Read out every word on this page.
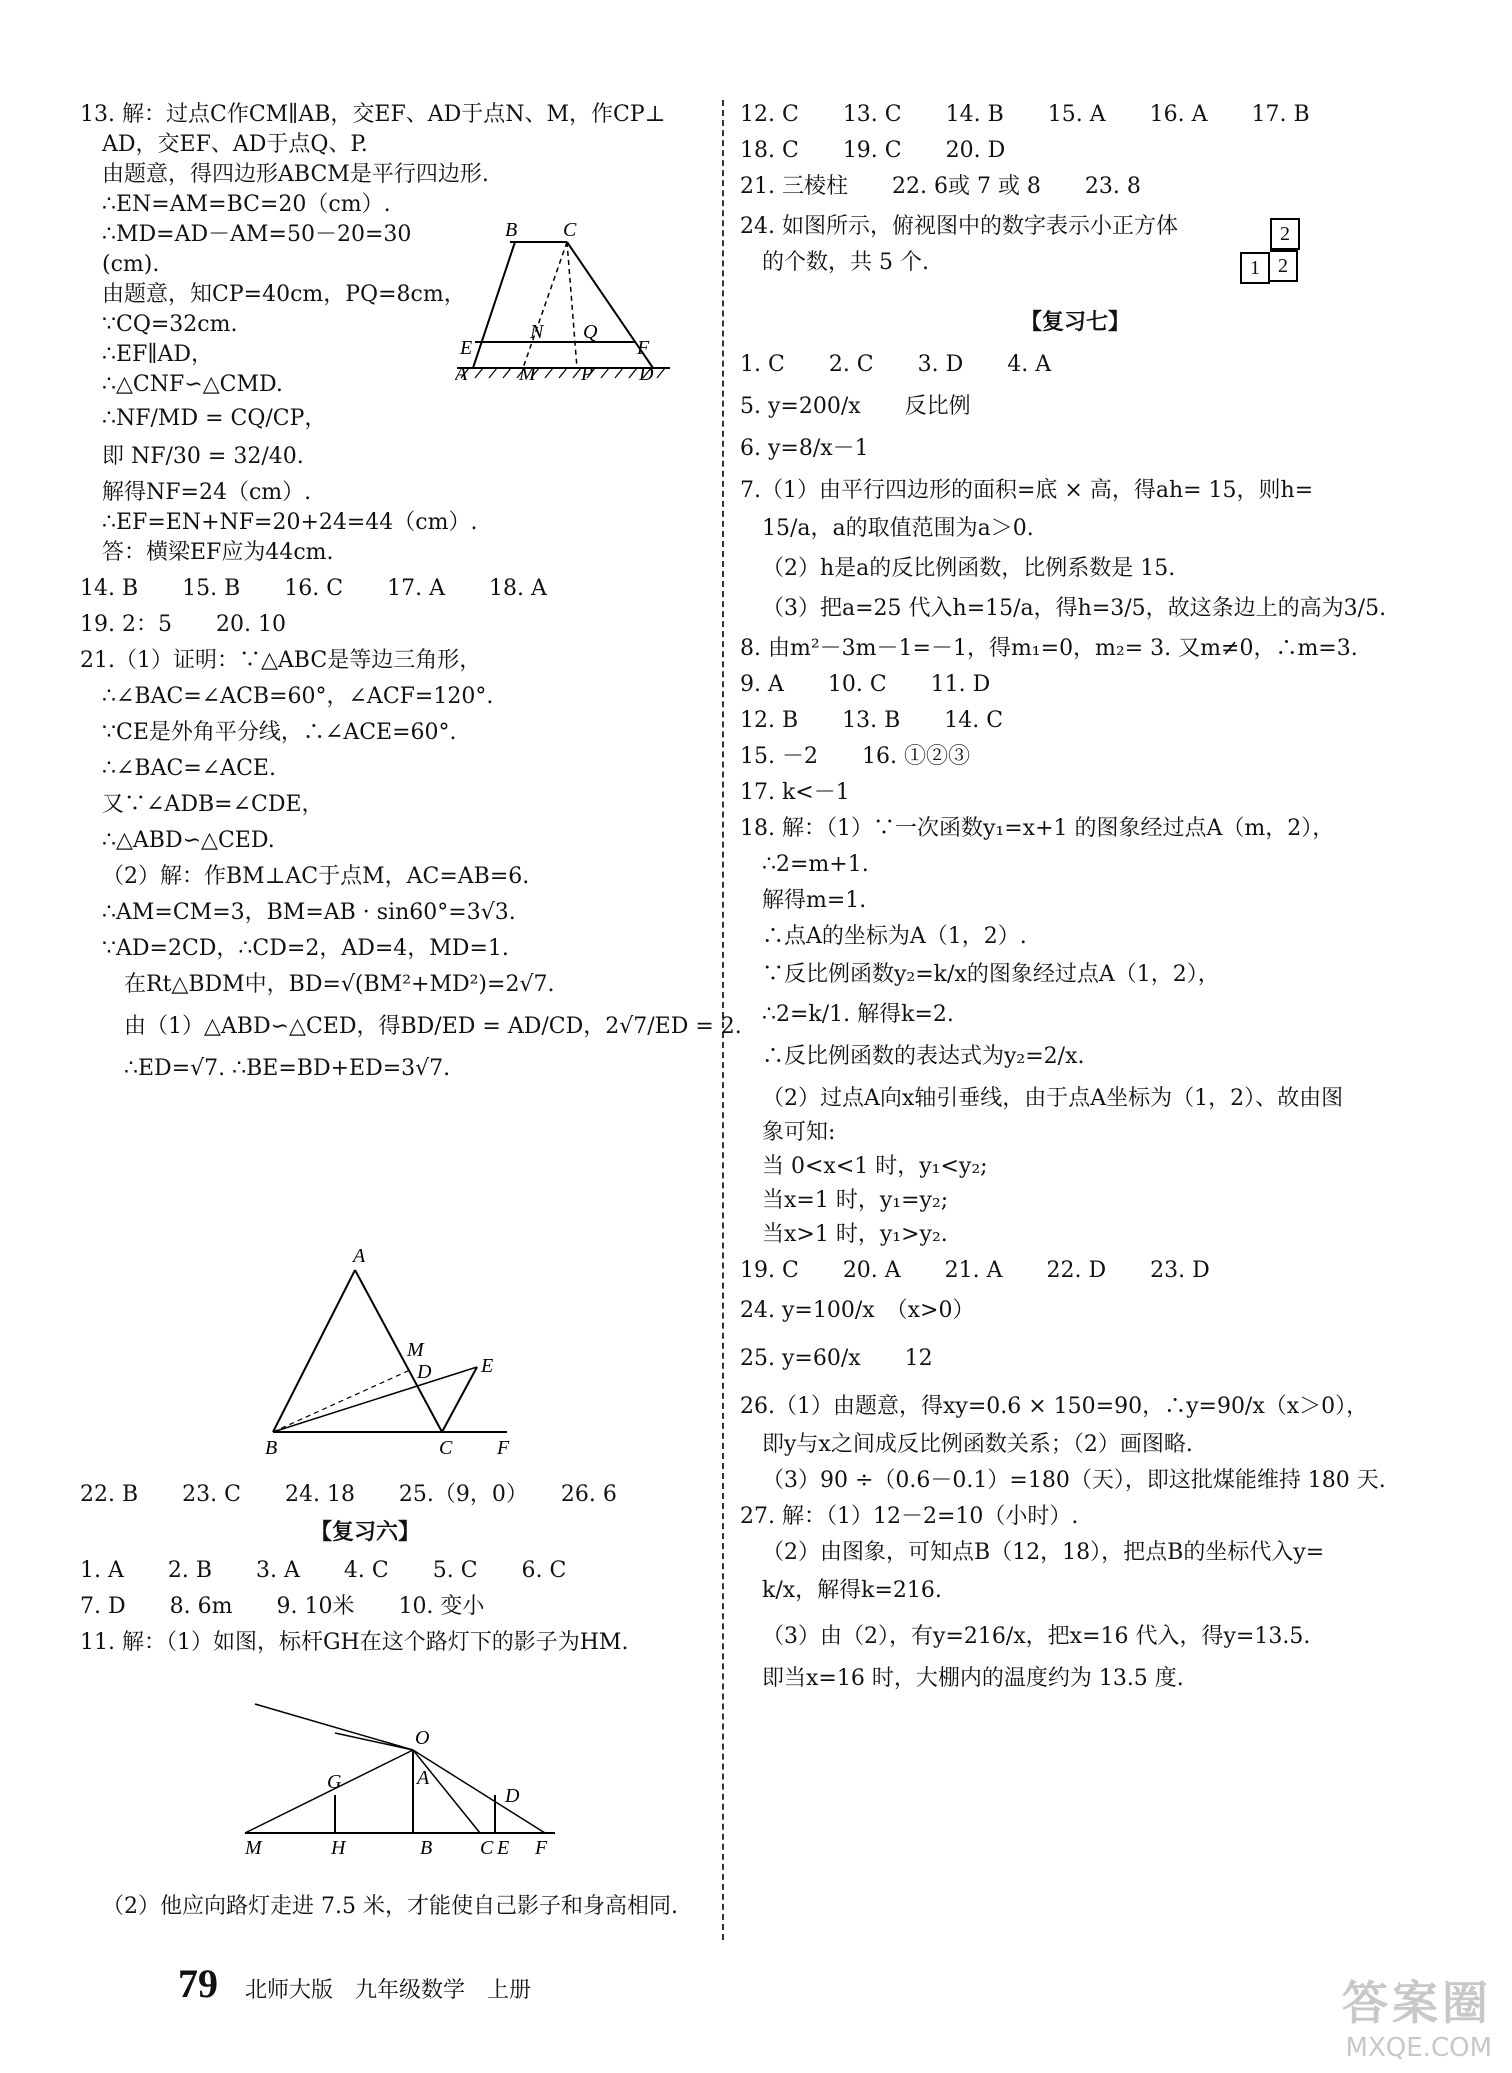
13. 解：过点C作CM∥AB，交EF、AD于点N、M，作CP⊥
AD，交EF、AD于点Q、P.
由题意，得四边形ABCM是平行四边形.
∴EN=AM=BC=20（cm）.
∴MD=AD－AM=50－20=30
(cm).
由题意，知CP=40cm，PQ=8cm，
∵CQ=32cm.
∴EF∥AD，
∴△CNF∽△CMD.
∴NF/MD = CQ/CP，
即 NF/30 = 32/40.
解得NF=24（cm）.
∴EF=EN+NF=20+24=44（cm）.
答：横梁EF应为44cm.
14. B　　15. B　　16. C　　17. A　　18. A
19. 2：5　　20. 10
21.（1）证明：∵△ABC是等边三角形，
∴∠BAC=∠ACB=60°，∠ACF=120°.
∵CE是外角平分线，∴∠ACE=60°.
∴∠BAC=∠ACE.
又∵∠ADB=∠CDE，
∴△ABD∽△CED.
（2）解：作BM⊥AC于点M，AC=AB=6.
∴AM=CM=3，BM=AB · sin60°=3√3.
∵AD=2CD，∴CD=2，AD=4，MD=1.
在Rt△BDM中，BD=√(BM²+MD²)=2√7.
由（1）△ABD∽△CED，得BD/ED = AD/CD，2√7/ED = 2.
∴ED=√7. ∴BE=BD+ED=3√7.
22. B　　23. C　　24. 18　　25.（9，0）　　26. 6
【复习六】
1. A　　2. B　　3. A　　4. C　　5. C　　6. C
7. D　　8. 6m　　9. 10米　　10. 变小
11. 解：（1）如图，标杆GH在这个路灯下的影子为HM.
（2）他应向路灯走进 7.5 米，才能使自己影子和身高相同.
B C
N Q
E	F
A	M P D
A
M
D E
B	C F
O
G	A
D
M	H	B C E F
12. C　　13. C　　14. B　　15. A　　16. A　　17. B
18. C　　19. C　　20. D
21. 三棱柱　　22. 6或 7 或 8　　23. 8
24. 如图所示，俯视图中的数字表示小正方体
的个数，共 5 个.
【复习七】
1. C　　2. C　　3. D　　4. A
5. y=200/x　　反比例
6. y=8/x－1
7.（1）由平行四边形的面积=底 × 高，得ah= 15，则h=
15/a，a的取值范围为a＞0.
（2）h是a的反比例函数，比例系数是 15.
（3）把a=25 代入h=15/a，得h=3/5，故这条边上的高为3/5.
8. 由m²－3m－1=－1，得m₁=0，m₂= 3. 又m≠0，∴m=3.
9. A　　10. C　　11. D
12. B　　13. B　　14. C
15. －2　　16. ①②③
17. k<－1
18. 解：（1）∵一次函数y₁=x+1 的图象经过点A（m，2），
∴2=m+1.
解得m=1.
∴点A的坐标为A（1，2）.
∵反比例函数y₂=k/x的图象经过点A（1，2），
∴2=k/1. 解得k=2.
∴反比例函数的表达式为y₂=2/x.
（2）过点A向x轴引垂线，由于点A坐标为（1，2）、故由图
象可知:
当 0<x<1 时，y₁<y₂;
当x=1 时，y₁=y₂;
当x>1 时，y₁>y₂.
19. C　　20. A　　21. A　　22. D　　23. D
24. y=100/x　（x>0）
25. y=60/x　　12
26.（1）由题意，得xy=0.6 × 150=90，∴y=90/x（x＞0），
即y与x之间成反比例函数关系；（2）画图略.
（3）90 ÷（0.6－0.1）=180（天），即这批煤能维持 180 天.
27. 解：（1）12－2=10（小时）.
（2）由图象，可知点B（12，18），把点B的坐标代入y=
k/x，解得k=216.
（3）由（2），有y=216/x，把x=16 代入，得y=13.5.
即当x=16 时，大棚内的温度约为 13.5 度.
22
1
79 北师大版　九年级数学　上册	答案圈
MXQE.COM
